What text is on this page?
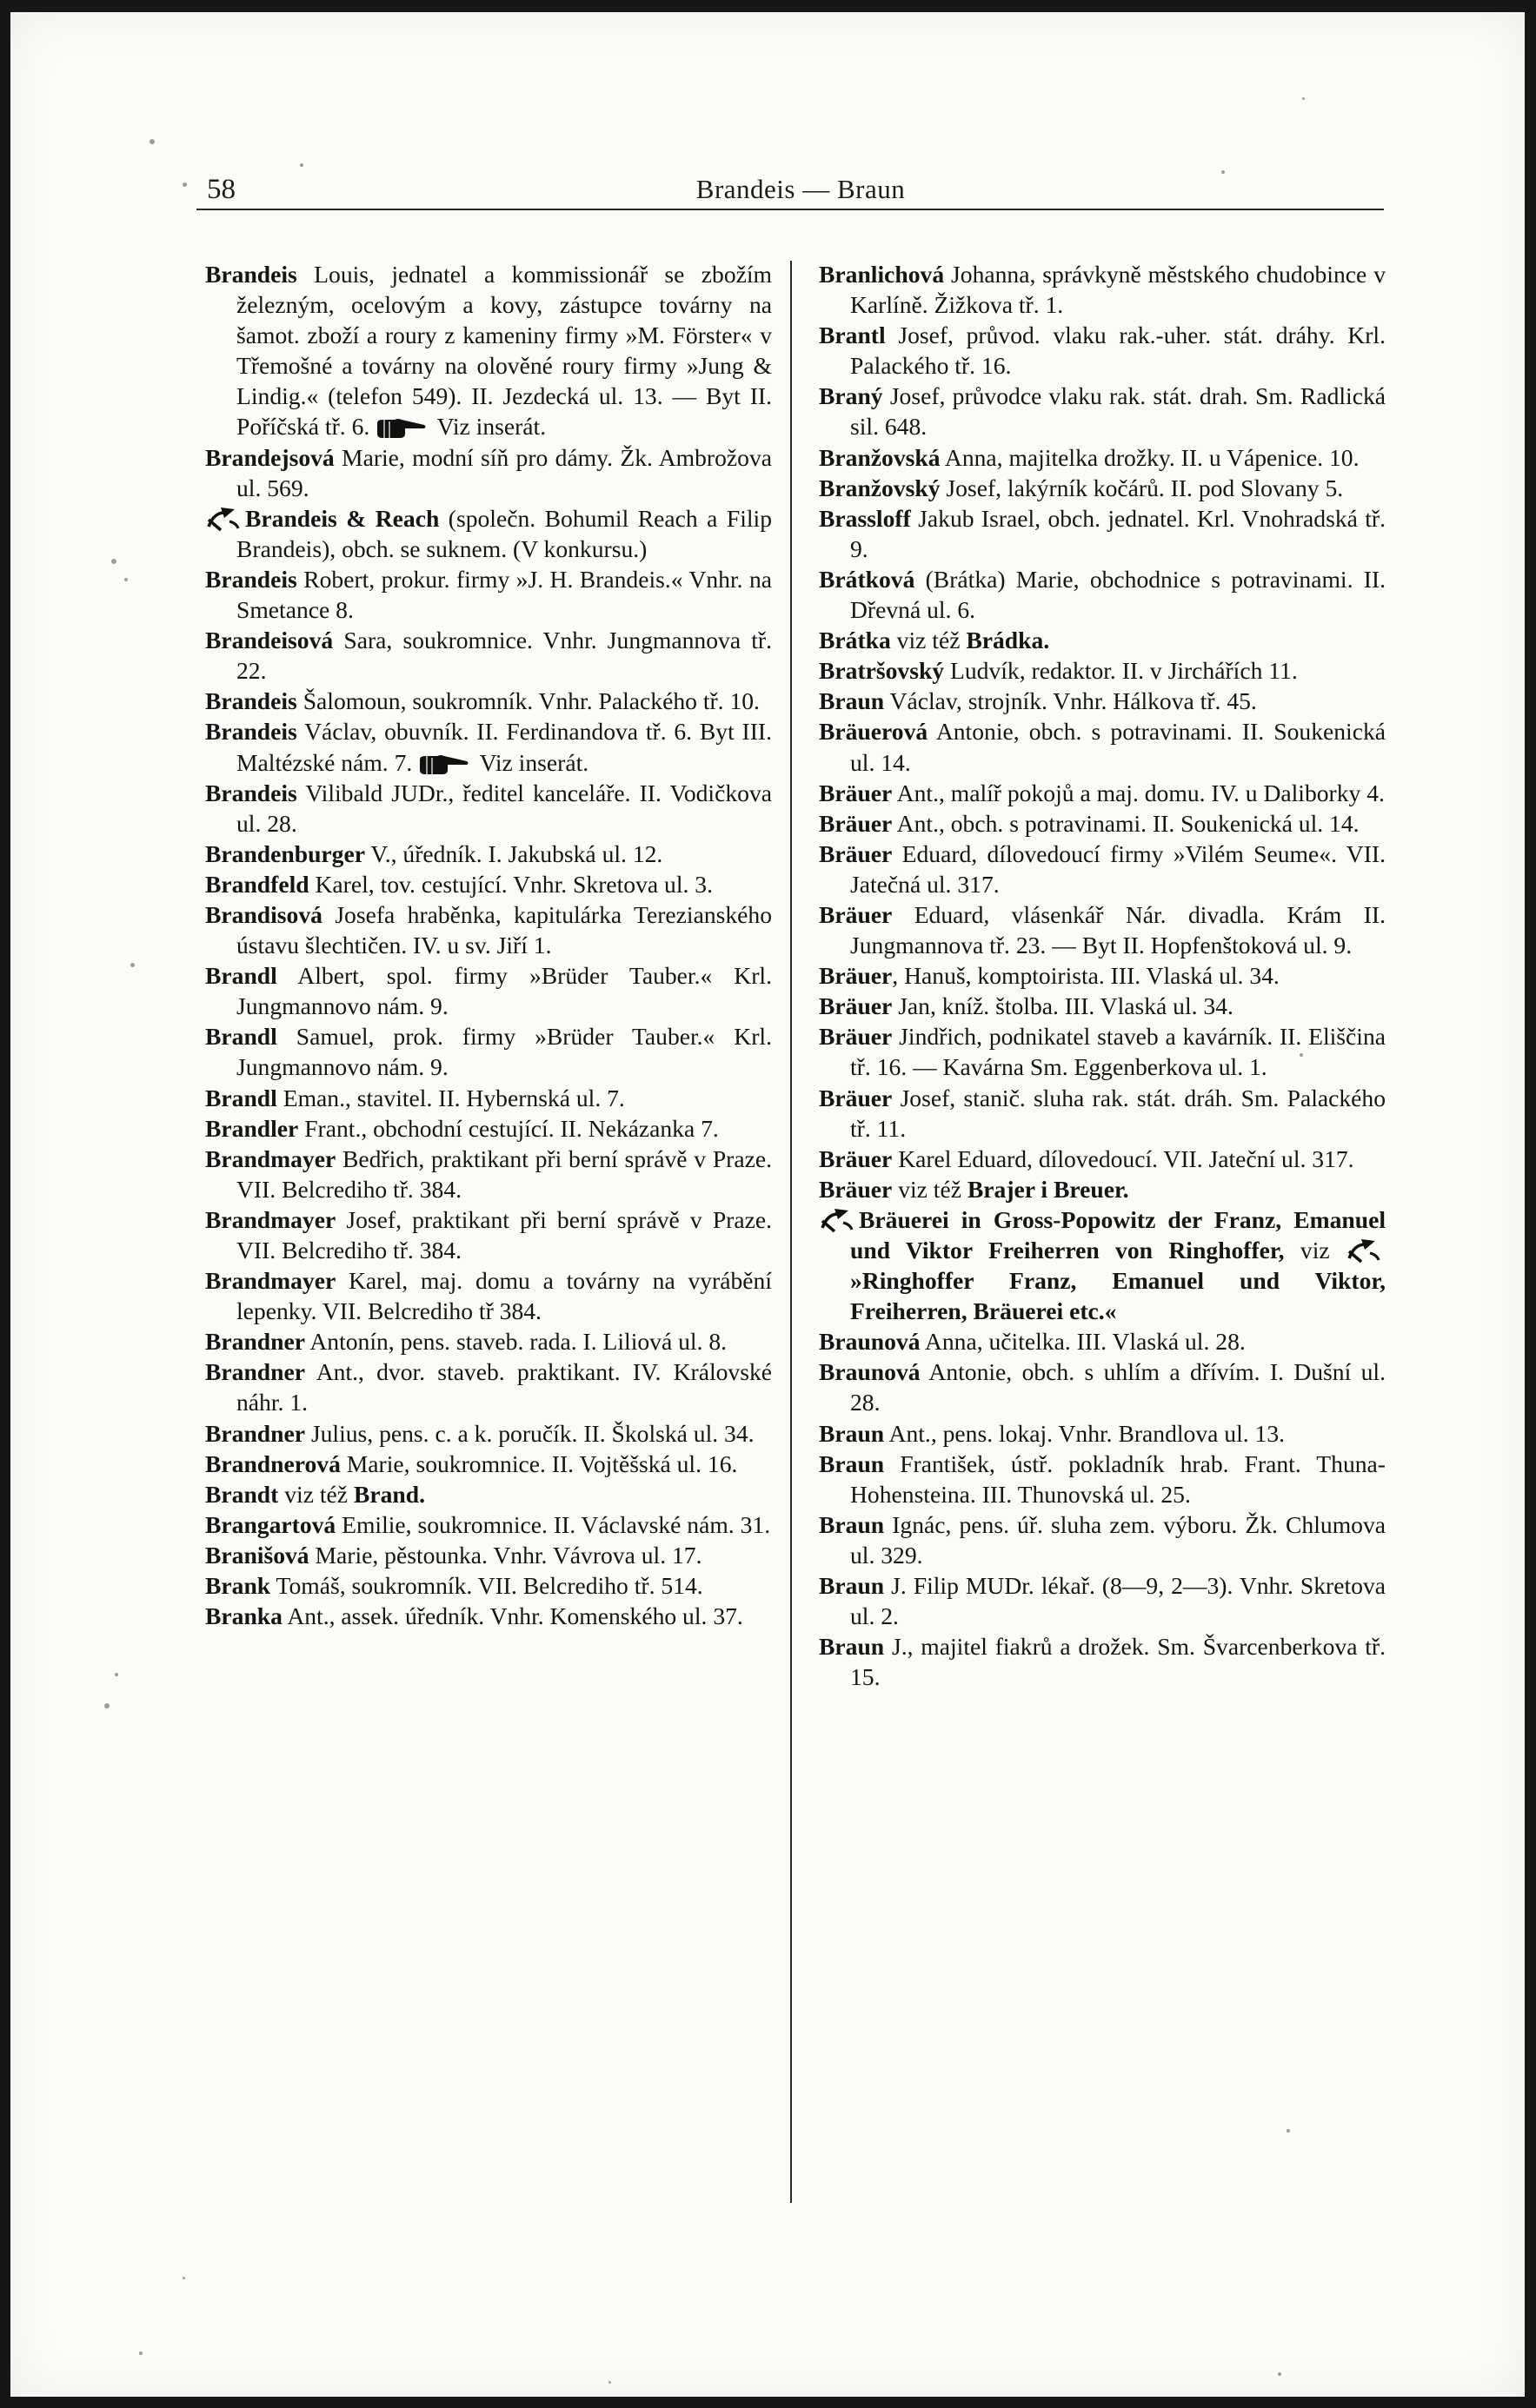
58	Brandeis — Braun

Brandeis Louis, jednatel a kommissionář se zbožím železným, ocelovým a kovy, zástupce továrny na šamot. zboží a roury z kameniny firmy »M. Förster« v Třemošné a továrny na olověné roury firmy »Jung & Lindig.« (telefon 549). II. Jezdecká ul. 13. — Byt II. Poříčská tř. 6.	Viz inserát.

Brandejsová Marie, modní síň pro dámy. Žk. Ambrožova ul. 569.

Brandeis & Reach (společn. Bohumil Reach a Filip Brandeis), obch. se suknem. (V konkursu.)

Brandeis Robert, prokur. firmy »J. H. Brandeis.« Vnhr. na Smetance 8.

Brandeisová Sara, soukromnice. Vnhr. Jungmannova tř. 22.

Brandeis Šalomoun, soukromník. Vnhr. Palackého tř. 10.

Brandeis Václav, obuvník. II. Ferdinandova tř. 6. Byt III. Maltézské nám. 7.	Viz inserát.

Brandeis Vilibald JUDr., ředitel kanceláře. II. Vodičkova ul. 28.

Brandenburger V., úředník. I. Jakubská ul. 12.

Brandfeld Karel, tov. cestující. Vnhr. Skretova ul. 3.

Brandisová Josefa hraběnka, kapitulárka Terezianského ústavu šlechtičen. IV. u sv. Jiří 1.

Brandl Albert, spol. firmy »Brüder Tauber.« Krl. Jungmannovo nám. 9.

Brandl Samuel, prok. firmy »Brüder Tauber.« Krl. Jungmannovo nám. 9.

Brandl Eman., stavitel. II. Hybernská ul. 7.

Brandler Frant., obchodní cestující. II. Nekázanka 7.

Brandmayer Bedřich, praktikant při berní správě v Praze. VII. Belcrediho tř. 384.

Brandmayer Josef, praktikant při berní správě v Praze. VII. Belcrediho tř. 384.

Brandmayer Karel, maj. domu a továrny na vyrábění lepenky. VII. Belcrediho tř 384.

Brandner Antonín, pens. staveb. rada. I. Liliová ul. 8.

Brandner Ant., dvor. staveb. praktikant. IV. Královské náhr. 1.

Brandner Julius, pens. c. a k. poručík. II. Školská ul. 34.

Brandnerová Marie, soukromnice. II. Vojtěšská ul. 16.

Brandt viz též Brand.

Brangartová Emilie, soukromnice. II. Václavské nám. 31.

Branišová Marie, pěstounka. Vnhr. Vávrova ul. 17.

Brank Tomáš, soukromník. VII. Belcrediho tř. 514.

Branka Ant., assek. úředník. Vnhr. Komenského ul. 37.

Branlichová Johanna, správkyně městského chudobince v Karlíně. Žižkova tř. 1.

Brantl Josef, průvod. vlaku rak.-uher. stát. dráhy. Krl. Palackého tř. 16.

Braný Josef, průvodce vlaku rak. stát. drah. Sm. Radlická sil. 648.

Branžovská Anna, majitelka drožky. II. u Vápenice. 10.

Branžovský Josef, lakýrník kočárů. II. pod Slovany 5.

Brassloff Jakub Israel, obch. jednatel. Krl. Vnohradská tř. 9.

Brátková (Brátka) Marie, obchodnice s potravinami. II. Dřevná ul. 6.

Brátka viz též Brádka.

Bratršovský Ludvík, redaktor. II. v Jirchářích 11.

Braun Václav, strojník. Vnhr. Hálkova tř. 45.

Bräuerová Antonie, obch. s potravinami. II. Soukenická ul. 14.

Bräuer Ant., malíř pokojů a maj. domu. IV. u Daliborky 4.

Bräuer Ant., obch. s potravinami. II. Soukenická ul. 14.

Bräuer Eduard, dílovedoucí firmy »Vilém Seume«. VII. Jatečná ul. 317.

Bräuer Eduard, vlásenkář Nár. divadla. Krám II. Jungmannova tř. 23. — Byt II. Hopfenštoková ul. 9.

Bräuer, Hanuš, komptoirista. III. Vlaská ul. 34.

Bräuer Jan, kníž. štolba. III. Vlaská ul. 34.

Bräuer Jindřich, podnikatel staveb a kavárník. II. Eliščina tř. 16. — Kavárna Sm. Eggenberkova ul. 1.

Bräuer Josef, stanič. sluha rak. stát. dráh. Sm. Palackého tř. 11.

Bräuer Karel Eduard, dílovedoucí. VII. Jateční ul. 317.

Bräuer viz též Brajer i Breuer.

Bräuerei in Gross-Popowitz der Franz, Emanuel und Viktor Freiherren von Ringhoffer, viz »Ringhoffer Franz, Emanuel und Viktor, Freiherren, Bräuerei etc.«

Braunová Anna, učitelka. III. Vlaská ul. 28.

Braunová Antonie, obch. s uhlím a dřívím. I. Dušní ul. 28.

Braun Ant., pens. lokaj. Vnhr. Brandlova ul. 13.

Braun František, ústř. pokladník hrab. Frant. Thuna-Hohensteina. III. Thunovská ul. 25.

Braun Ignác, pens. úř. sluha zem. výboru. Žk. Chlumova ul. 329.

Braun J. Filip MUDr. lékař. (8—9, 2—3). Vnhr. Skretova ul. 2.

Braun J., majitel fiakrů a drožek. Sm. Švarcenberkova tř. 15.
